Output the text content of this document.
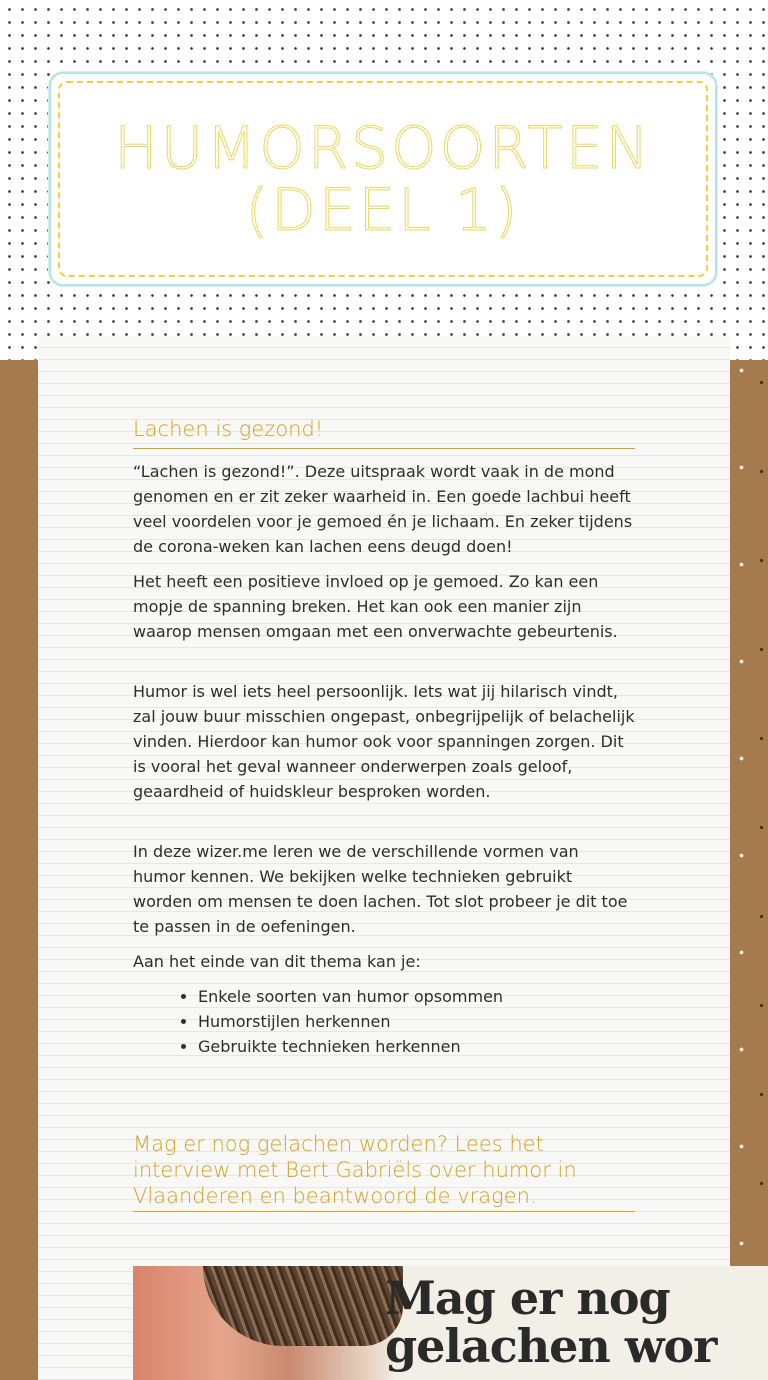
HUMORSOORTEN
(DEEL 1)
Lachen is gezond!

“Lachen is gezond!”. Deze uitspraak wordt vaak in de mond genomen en er zit zeker waarheid in. Een goede lachbui heeft veel voordelen voor je gemoed én je lichaam. En zeker tijdens de corona-weken kan lachen eens deugd doen!

Het heeft een positieve invloed op je gemoed. Zo kan een mopje de spanning breken. Het kan ook een manier zijn waarop mensen omgaan met een onverwachte gebeurtenis.

Humor is wel iets heel persoonlijk. Iets wat jij hilarisch vindt, zal jouw buur misschien ongepast, onbegrijpelijk of belachelijk vinden. Hierdoor kan humor ook voor spanningen zorgen. Dit is vooral het geval wanneer onderwerpen zoals geloof, geaardheid of huidskleur besproken worden.

In deze wizer.me leren we de verschillende vormen van humor kennen. We bekijken welke technieken gebruikt worden om mensen te doen lachen. Tot slot probeer je dit toe te passen in de oefeningen.

Aan het einde van dit thema kan je:

• Enkele soorten van humor opsommen
• Humorstijlen herkennen
• Gebruikte technieken herkennen
Mag er nog gelachen worden? Lees het interview met Bert Gabriëls over humor in Vlaanderen en beantwoord de vragen.

Mag er nog
gelachen wor
